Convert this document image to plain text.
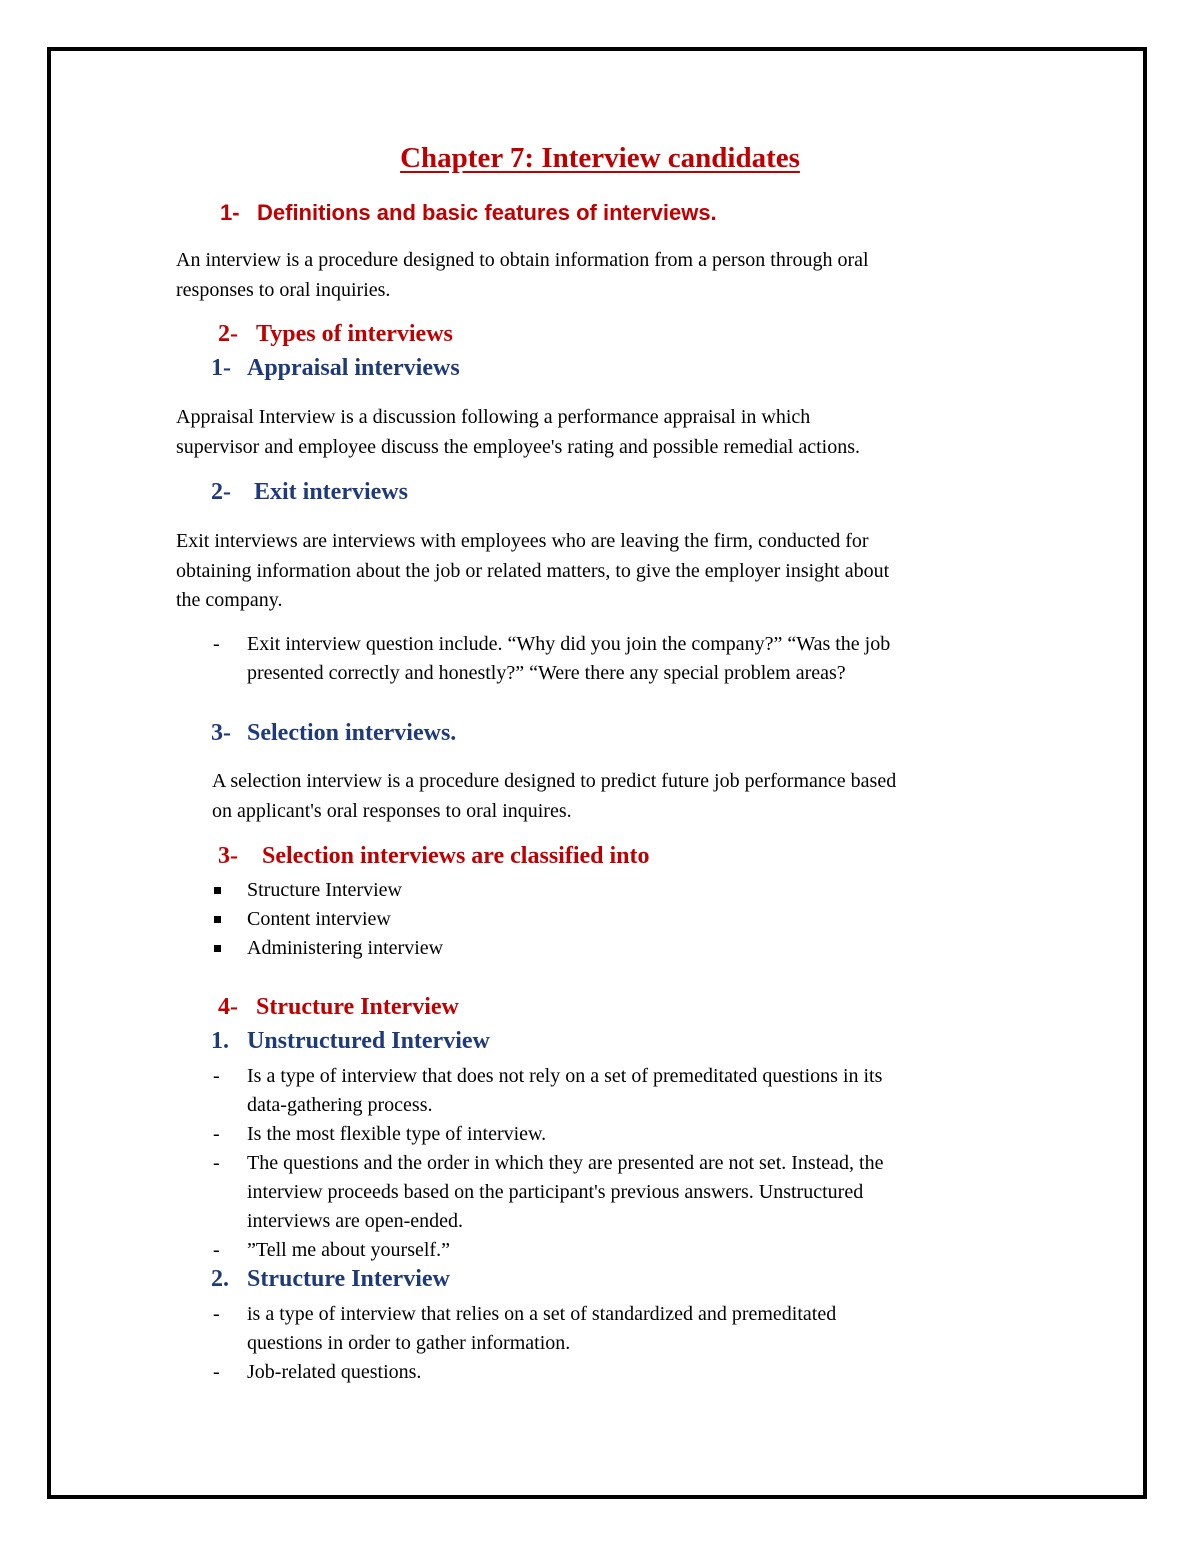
Chapter 7: Interview candidates
1- Definitions and basic features of interviews.
An interview is a procedure designed to obtain information from a person through oral
responses to oral inquiries.
2- Types of interviews
1- Appraisal interviews
Appraisal Interview is a discussion following a performance appraisal in which
supervisor and employee discuss the employee's rating and possible remedial actions.
2- Exit interviews
Exit interviews are interviews with employees who are leaving the firm, conducted for
obtaining information about the job or related matters, to give the employer insight about
the company.
- Exit interview question include. “Why did you join the company?” “Was the job
presented correctly and honestly?” “Were there any special problem areas?
3- Selection interviews.
A selection interview is a procedure designed to predict future job performance based
on applicant's oral responses to oral inquires.
3- Selection interviews are classified into
Structure Interview
Content interview
Administering interview
4- Structure Interview
1. Unstructured Interview
- Is a type of interview that does not rely on a set of premeditated questions in its
data-gathering process.
- Is the most flexible type of interview.
- The questions and the order in which they are presented are not set. Instead, the
interview proceeds based on the participant's previous answers. Unstructured
interviews are open-ended.
- ”Tell me about yourself.”
2. Structure Interview
- is a type of interview that relies on a set of standardized and premeditated
questions in order to gather information.
- Job-related questions.
